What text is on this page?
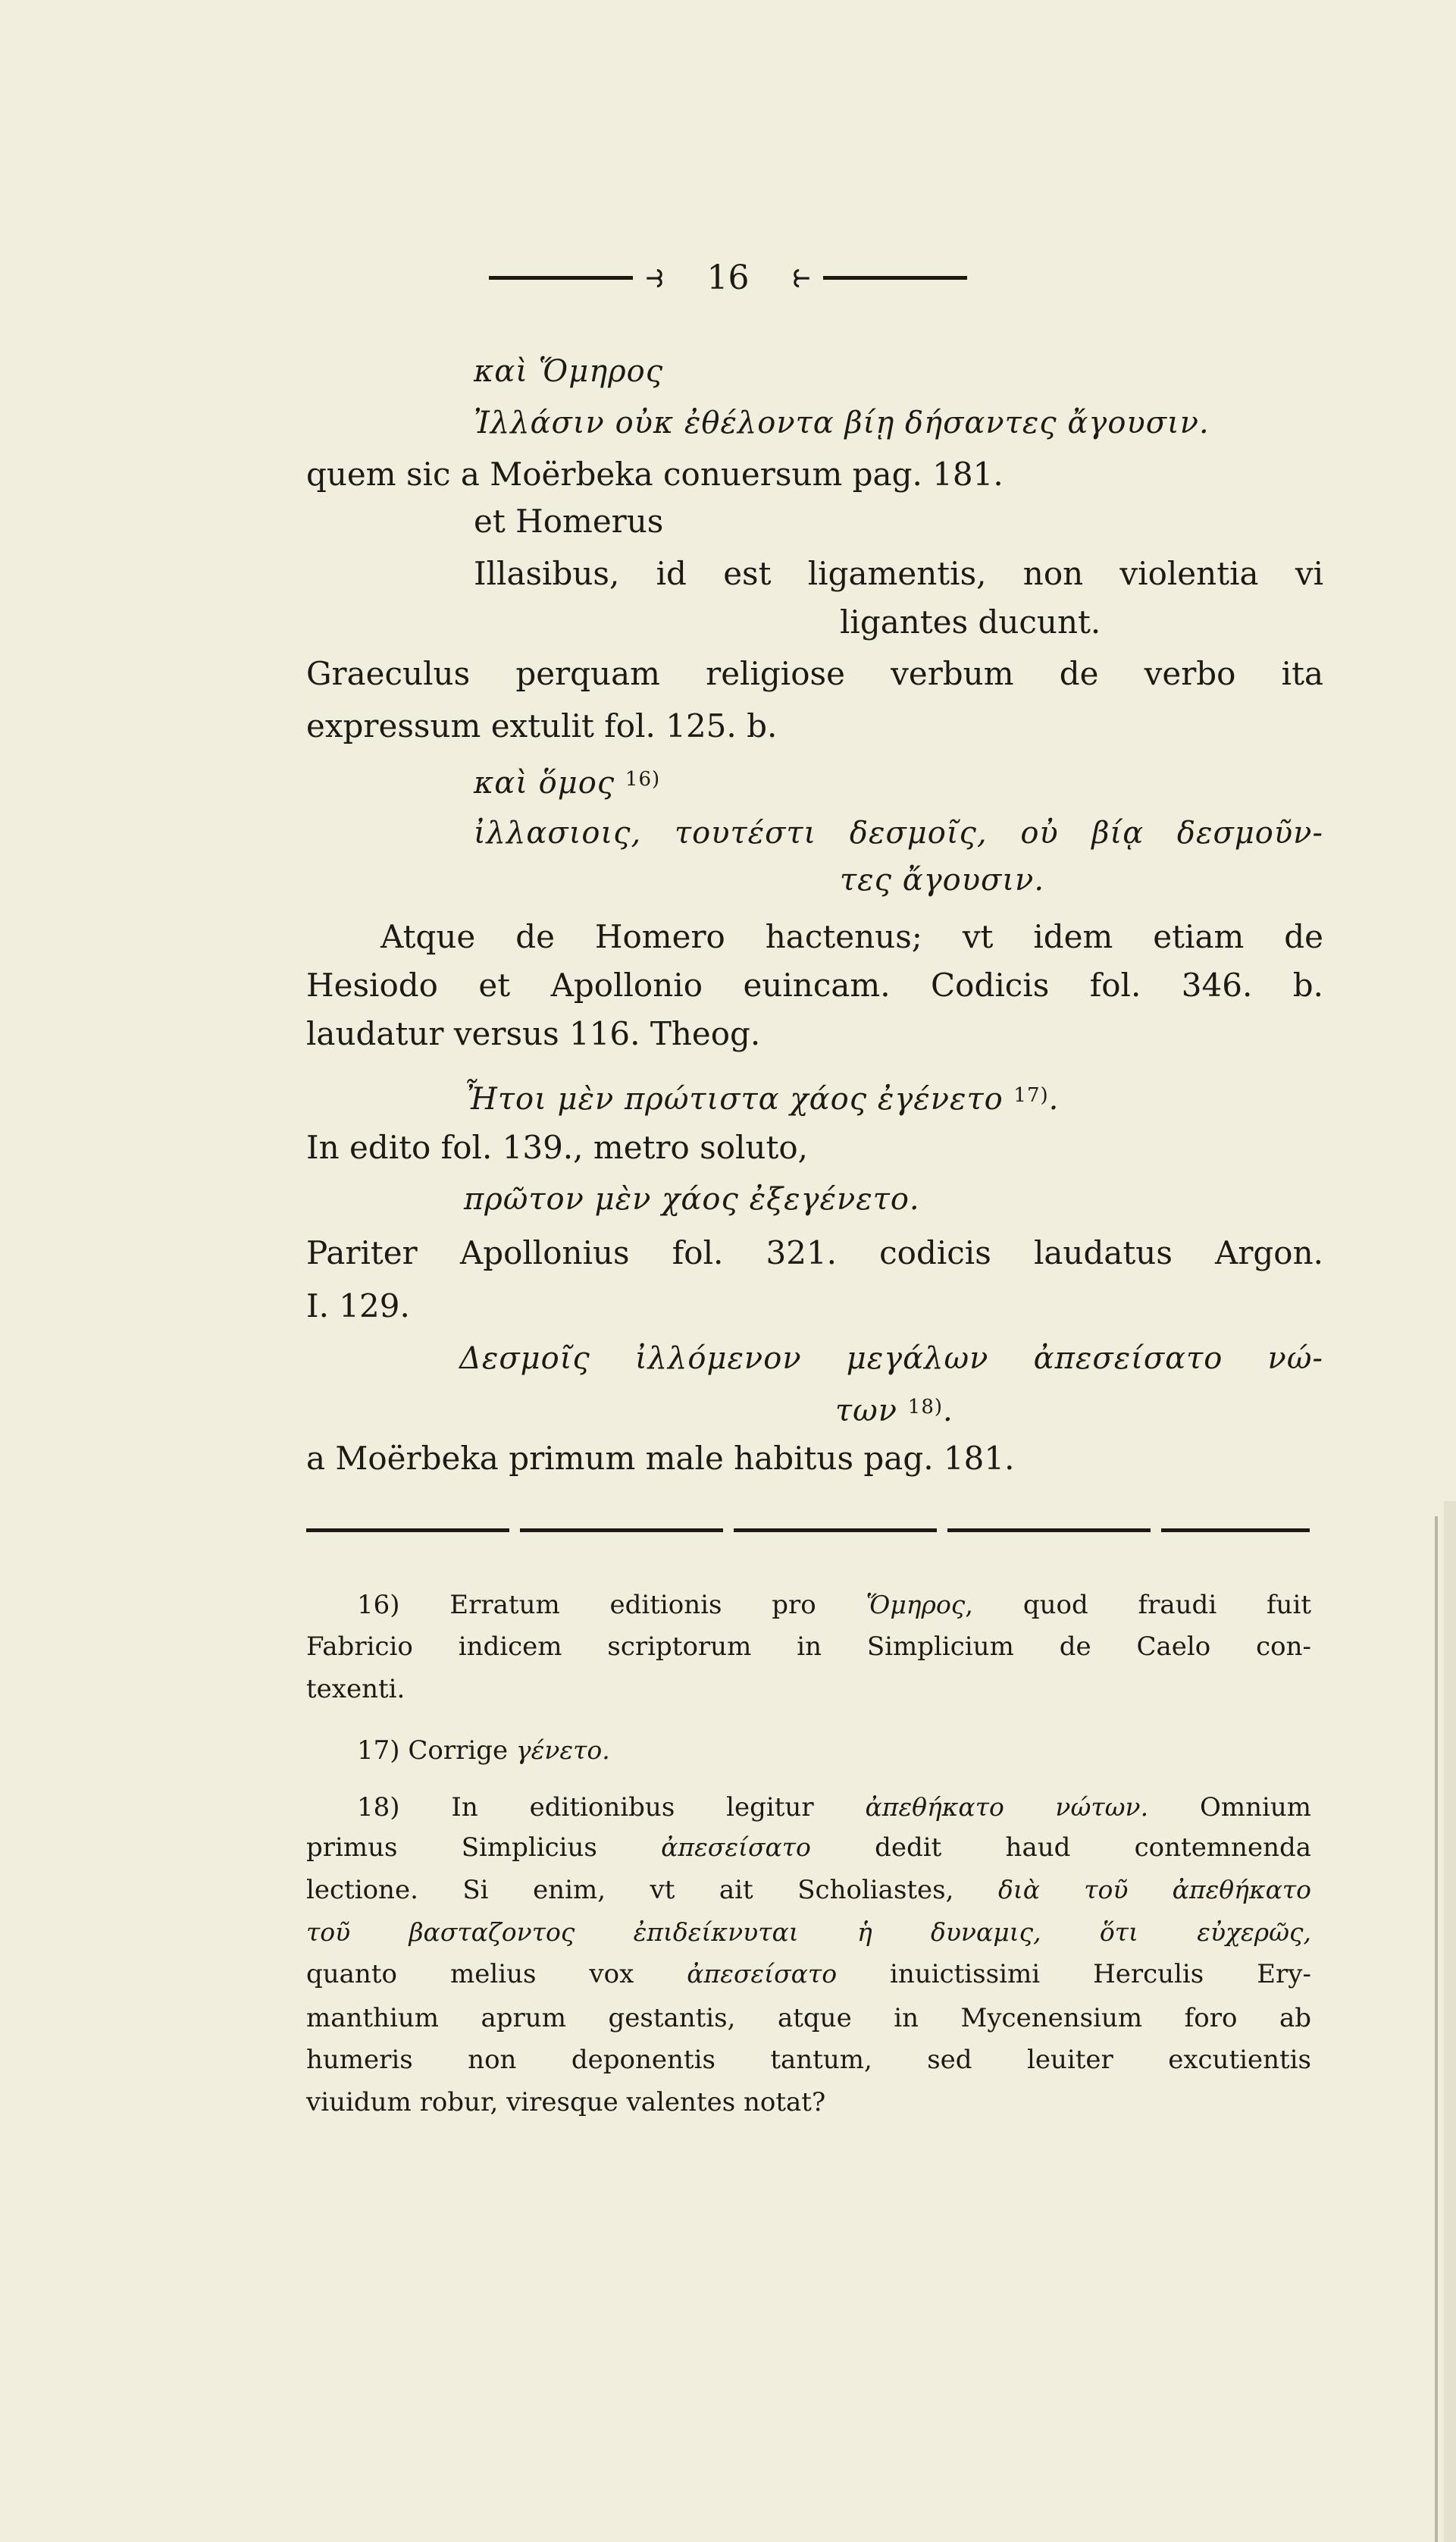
⥽ 16 ⥼
καὶ Ὅμηρος
Ἰλλάσιν οὐκ ἐθέλοντα βίῃ δήσαντες ἄγουσιν.
quem sic a Moërbeka conuersum pag. 181.
et Homerus
Illasibus, id est ligamentis, non violentia vi
ligantes ducunt.
Graeculus perquam religiose verbum de verbo ita
expressum extulit fol. 125. b.
καὶ ὅμος $^{16)}$
ἰλλασιοις, τουτέστι δεσμοῖς, οὐ βίᾳ δεσμοῦν-
τες ἄγουσιν.
Atque de Homero hactenus; vt idem etiam de
Hesiodo et Apollonio euincam. Codicis fol. 346. b.
laudatur versus 116. Theog.
Ἦτοι μὲν πρώτιστα χάος ἐγένετο $^{17)}$.
In edito fol. 139., metro soluto,
πρῶτον μὲν χάος ἐξεγένετο.
Pariter Apollonius fol. 321. codicis laudatus Argon.
I. 129.
Δεσμοῖς ἰλλόμενον μεγάλων ἀπεσείσατο νώ-
των $^{18)}$.
a Moërbeka primum male habitus pag. 181.
16) Erratum editionis pro Ὅμηρος, quod fraudi fuit
Fabricio indicem scriptorum in Simplicium de Caelo con-
texenti.
17) Corrige γένετο.
18) In editionibus legitur ἀπεθήκατο νώτων. Omnium
primus Simplicius ἀπεσείσατο dedit haud contemnenda
lectione. Si enim, vt ait Scholiastes, διὰ τοῦ ἀπεθήκατο
τοῦ βασταζοντος ἐπιδείκνυται ἡ δυναμις, ὅτι εὐχερῶς,
quanto melius vox ἀπεσείσατο inuictissimi Herculis Ery-
manthium aprum gestantis, atque in Mycenensium foro ab
humeris non deponentis tantum, sed leuiter excutientis
viuidum robur, viresque valentes notat?
